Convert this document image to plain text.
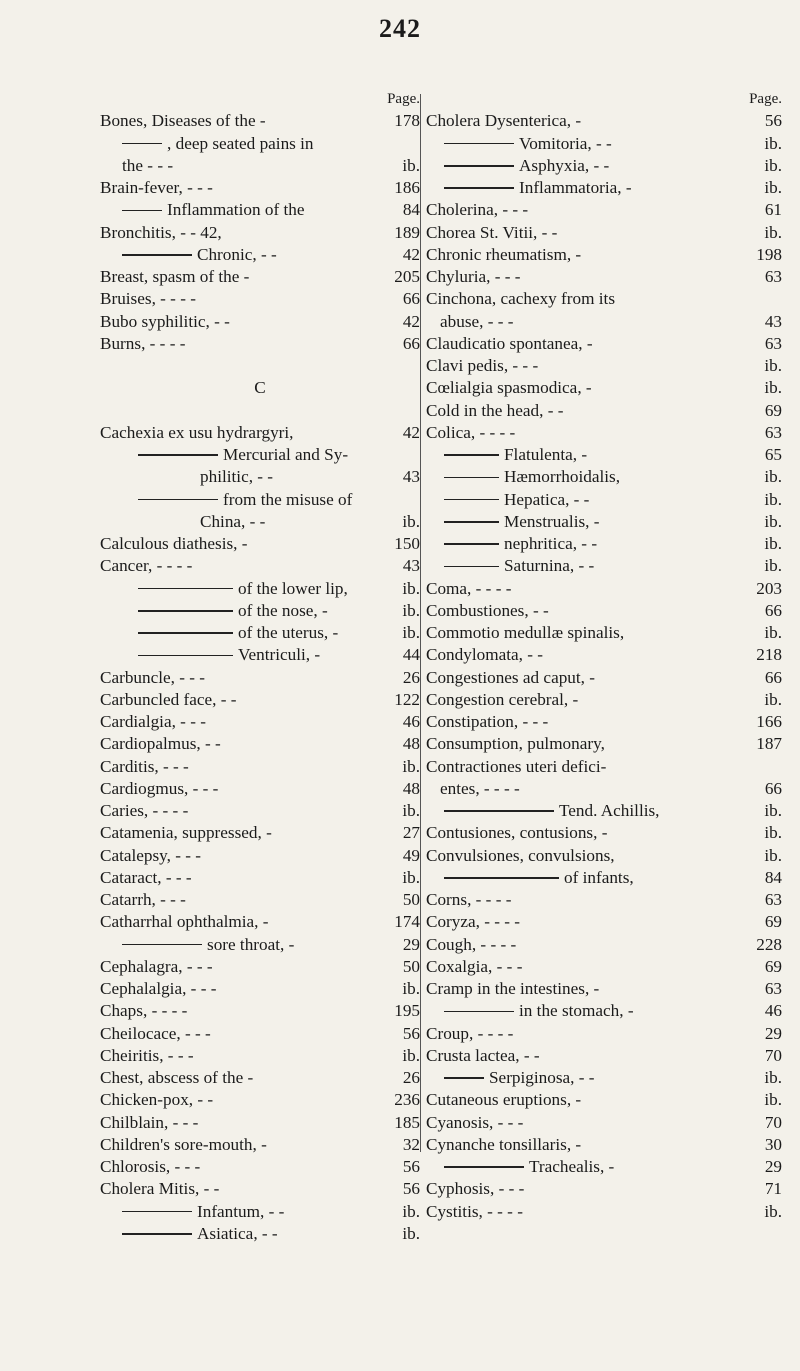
242
Page.
Bones, Diseases of the -	178
, deep seated pains in
the - - -	ib.
Brain-fever, - - -	186
Inflammation of the	84
Bronchitis, - - 42,	189
Chronic, - -	42
Breast, spasm of the -	205
Bruises, - - - -	66
Bubo syphilitic, - -	42
Burns, - - - -	66
C
Cachexia ex usu hydrargyri,	42
Mercurial and Sy-
philitic, - -	43
from the misuse of
China, - -	ib.
Calculous diathesis, -	150
Cancer, - - - -	43
of the lower lip,	ib.
of the nose, -	ib.
of the uterus, -	ib.
Ventriculi, -	44
Carbuncle, - - -	26
Carbuncled face, - -	122
Cardialgia, - - -	46
Cardiopalmus, - -	48
Carditis, - - -	ib.
Cardiogmus, - - -	48
Caries, - - - -	ib.
Catamenia, suppressed, -	27
Catalepsy, - - -	49
Cataract, - - -	ib.
Catarrh, - - -	50
Catharrhal ophthalmia, -	174
sore throat, -	29
Cephalagra, - - -	50
Cephalalgia, - - -	ib.
Chaps, - - - -	195
Cheilocace, - - -	56
Cheiritis, - - -	ib.
Chest, abscess of the -	26
Chicken-pox, - -	236
Chilblain, - - -	185
Children's sore-mouth, -	32
Chlorosis, - - -	56
Cholera Mitis, - -	56
Infantum, - -	ib.
Asiatica, - -	ib.
Page.
Cholera Dysenterica, -	56
Vomitoria, - -	ib.
Asphyxia, - -	ib.
Inflammatoria, -	ib.
Cholerina, - - -	61
Chorea St. Vitii, - -	ib.
Chronic rheumatism, -	198
Chyluria, - - -	63
Cinchona, cachexy from its
abuse, - - -	43
Claudicatio spontanea, -	63
Clavi pedis, - - -	ib.
Cœlialgia spasmodica, -	ib.
Cold in the head, - -	69
Colica, - - - -	63
Flatulenta, -	65
Hæmorrhoidalis,	ib.
Hepatica, - -	ib.
Menstrualis, -	ib.
nephritica, - -	ib.
Saturnina, - -	ib.
Coma, - - - -	203
Combustiones, - -	66
Commotio medullæ spinalis,	ib.
Condylomata, - -	218
Congestiones ad caput, -	66
Congestion cerebral, -	ib.
Constipation, - - -	166
Consumption, pulmonary,	187
Contractiones uteri defici-
entes, - - - -	66
Tend. Achillis,	ib.
Contusiones, contusions, -	ib.
Convulsiones, convulsions,	ib.
of infants,	84
Corns, - - - -	63
Coryza, - - - -	69
Cough, - - - -	228
Coxalgia, - - -	69
Cramp in the intestines, -	63
in the stomach, -	46
Croup, - - - -	29
Crusta lactea, - -	70
Serpiginosa, - -	ib.
Cutaneous eruptions, -	ib.
Cyanosis, - - -	70
Cynanche tonsillaris, -	30
Trachealis, -	29
Cyphosis, - - -	71
Cystitis, - - - -	ib.
